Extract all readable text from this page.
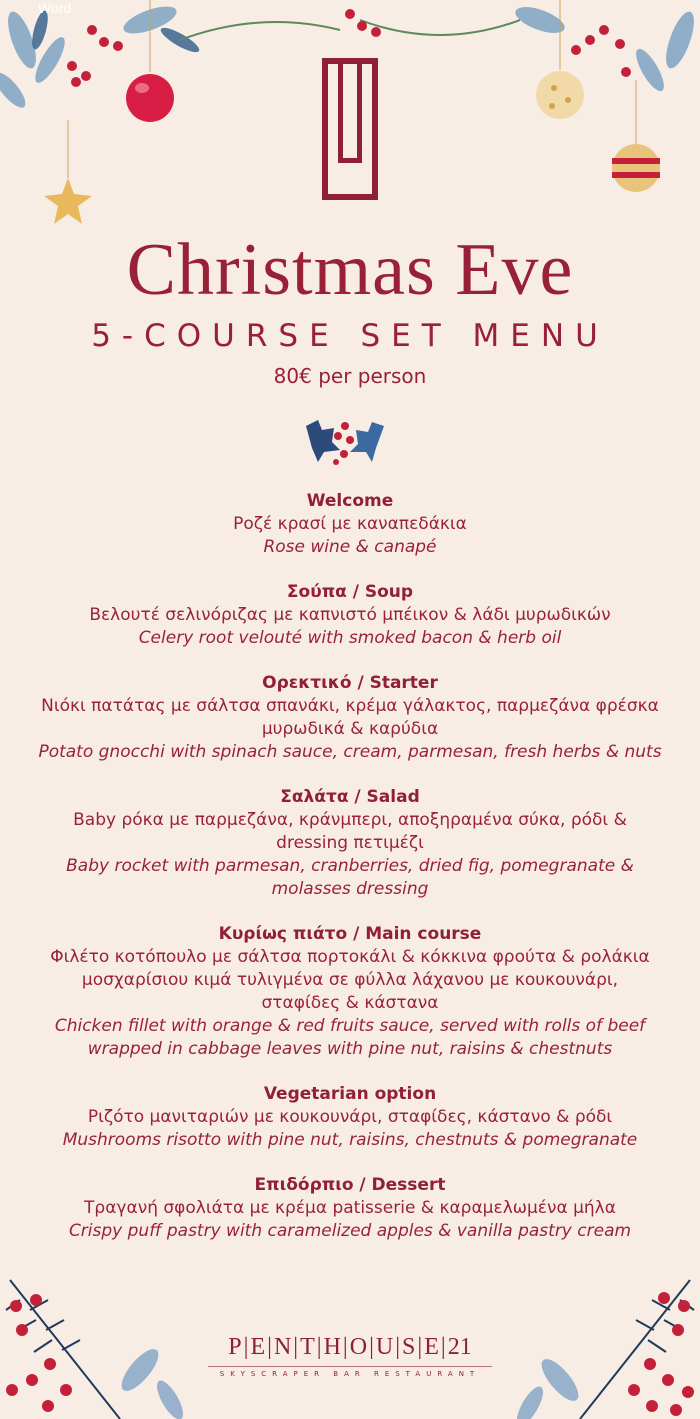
Word
Christmas Eve
5-COURSE SET MENU
80€ per person
Welcome
Ροζέ κρασί με καναπεδάκια
Rose wine & canapé
Σούπα / Soup
Βελουτέ σελινόριζας με καπνιστό μπέικον & λάδι μυρωδικών
Celery root velouté with smoked bacon & herb oil
Ορεκτικό / Starter
Νιόκι πατάτας με σάλτσα σπανάκι, κρέμα γάλακτος, παρμεζάνα φρέσκα μυρωδικά & καρύδια
Potato gnocchi with spinach sauce, cream, parmesan, fresh herbs & nuts
Σαλάτα / Salad
Baby ρόκα με παρμεζάνα, κράνμπερι, αποξηραμένα σύκα, ρόδι & dressing πετιμέζι
Baby rocket with parmesan, cranberries, dried fig, pomegranate & molasses dressing
Κυρίως πιάτο / Main course
Φιλέτο κοτόπουλο με σάλτσα πορτοκάλι & κόκκινα φρούτα & ρολάκια μοσχαρίσιου κιμά τυλιγμένα σε φύλλα λάχανου με κουκουνάρι, σταφίδες & κάστανα
Chicken fillet with orange & red fruits sauce, served with rolls of beef wrapped in cabbage leaves with pine nut, raisins & chestnuts
Vegetarian option
Ριζότο μανιταριών με κουκουνάρι, σταφίδες, κάστανο & ρόδι
Mushrooms risotto with pine nut, raisins, chestnuts & pomegranate
Επιδόρπιο / Dessert
Τραγανή σφολιάτα με κρέμα patisserie & καραμελωμένα μήλα
Crispy puff pastry with caramelized apples & vanilla pastry cream
P|E|N|T|H|O|U|S|E|21
SKYSCRAPER BAR RESTAURANT
